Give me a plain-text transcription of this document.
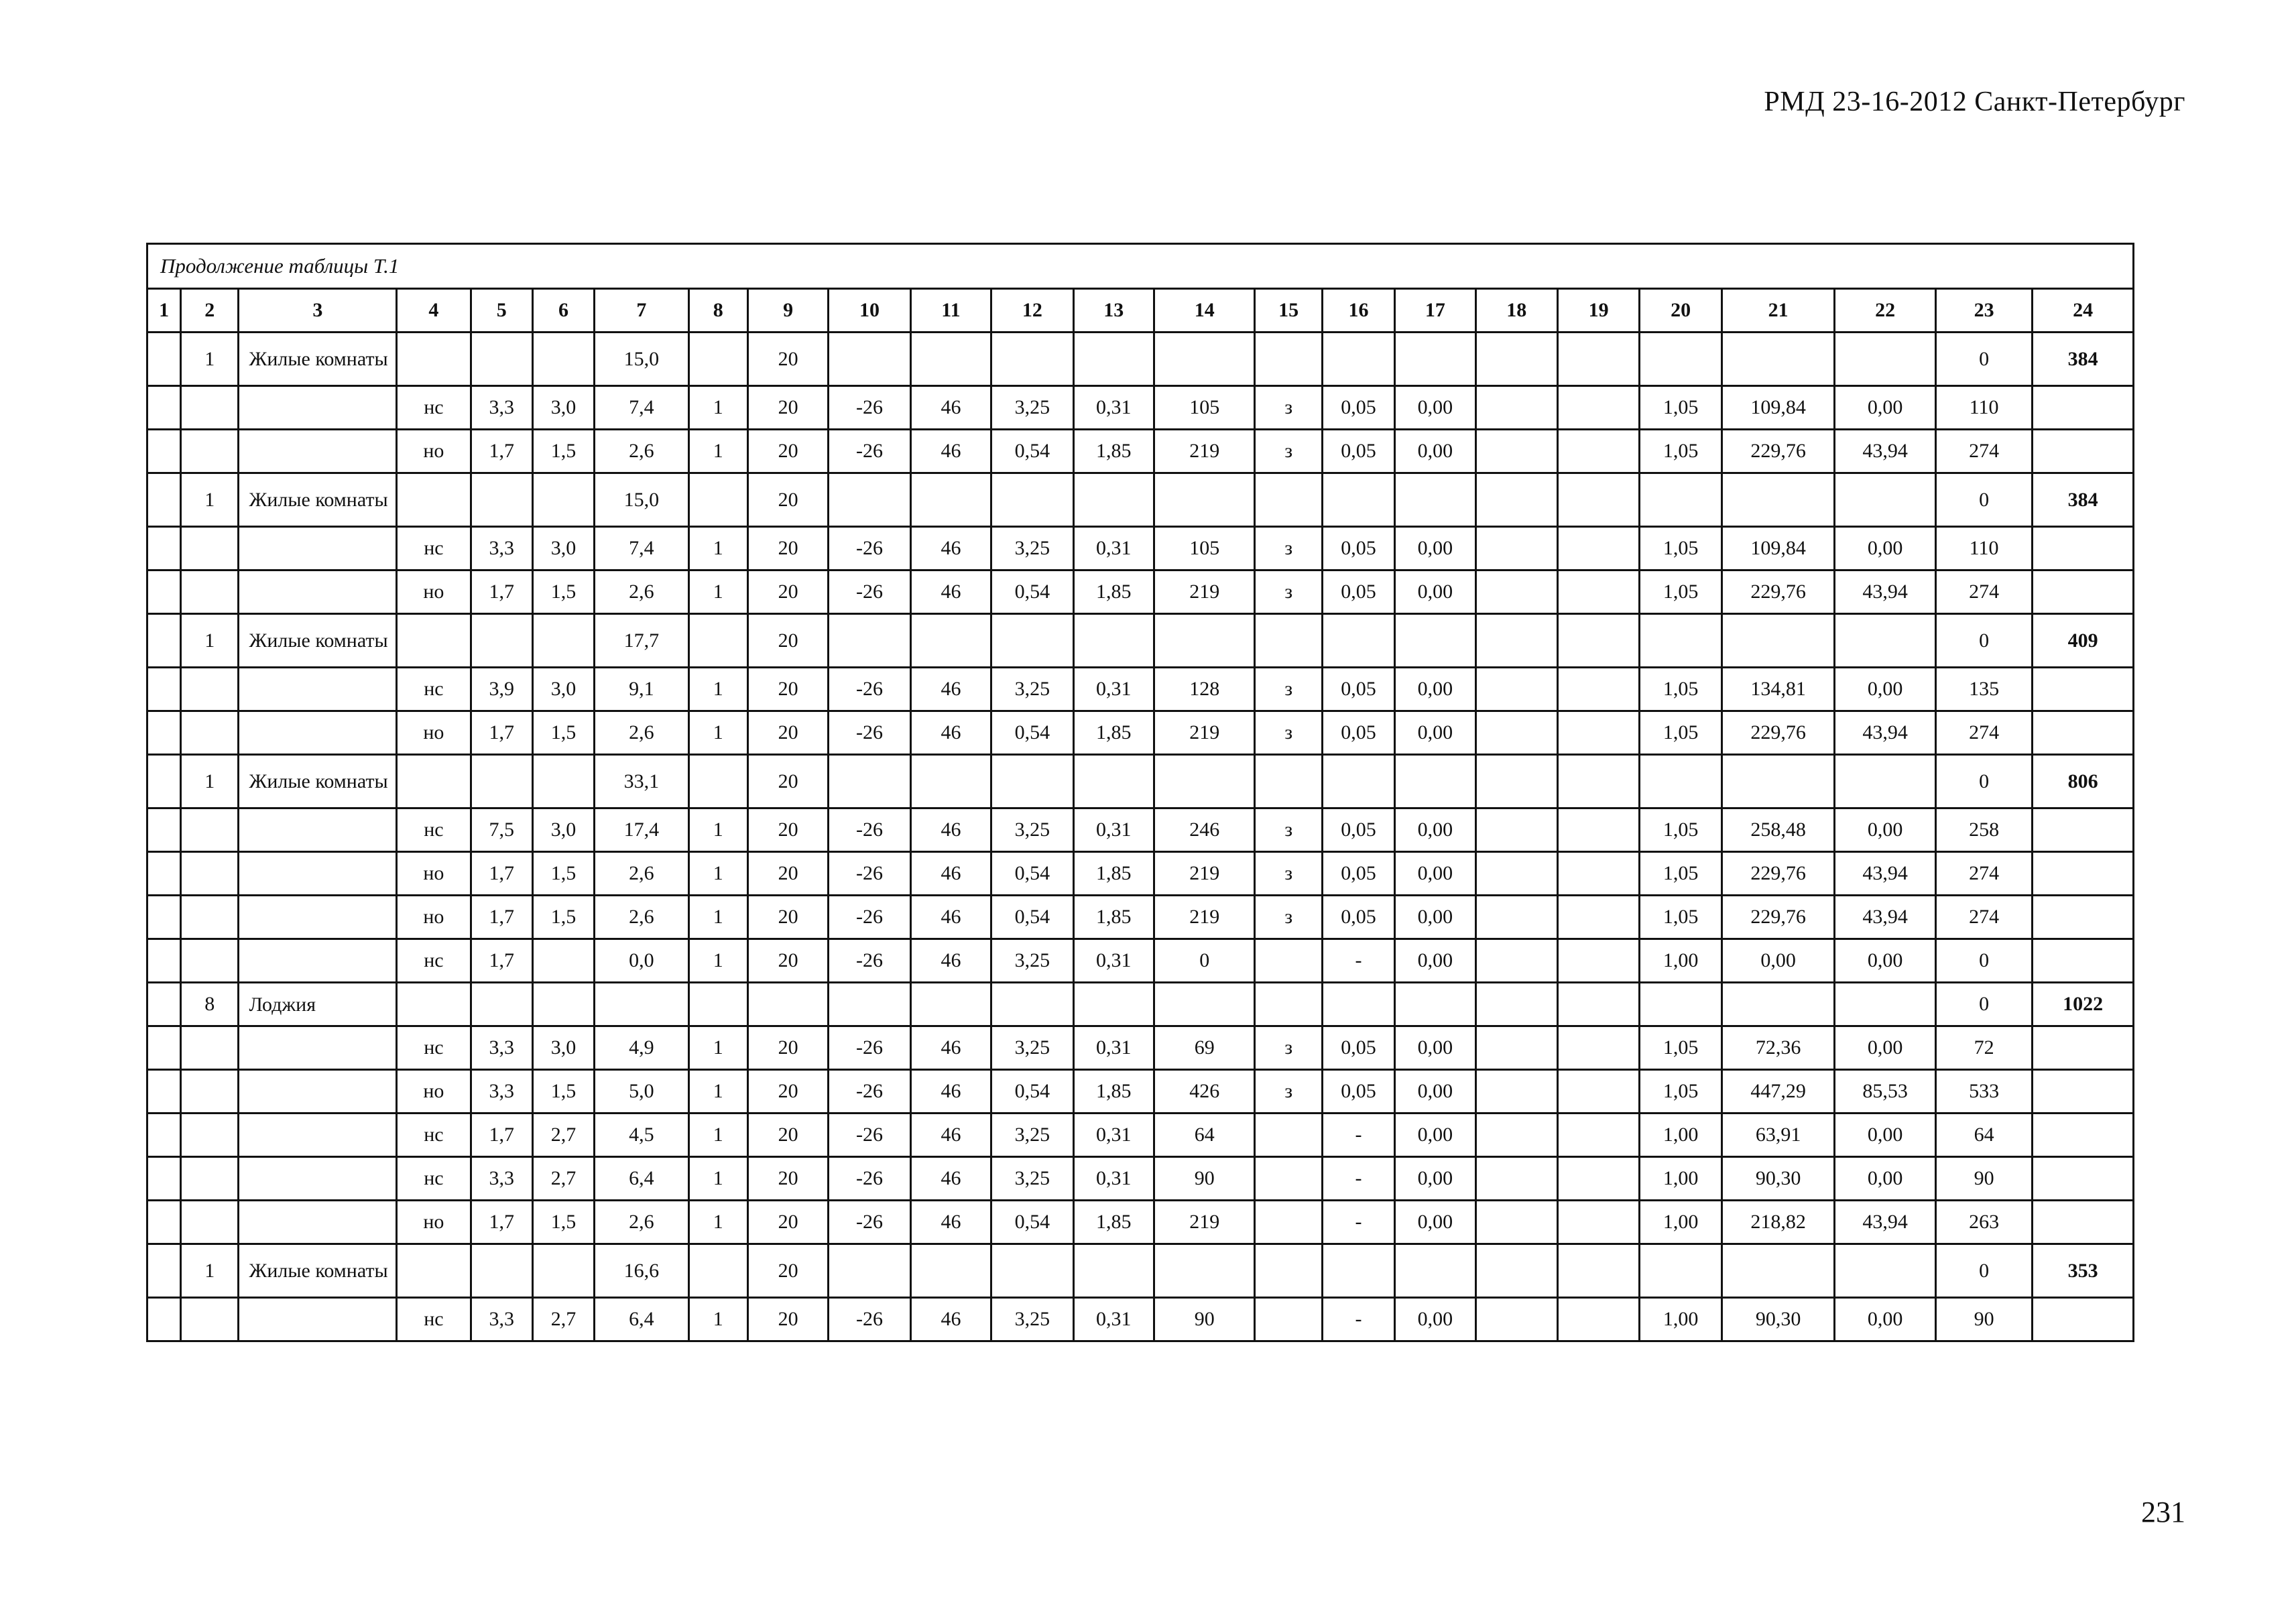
РМД 23-16-2012 Санкт-Петербург
Продолжение таблицы Т.1																							
1	2	3	4	5	6	7	8	9	10	11	12	13	14	15	16	17	18	19	20	21	22	23	24
	1	Жилые комнаты				15,0		20														0	384
			нс	3,3	3,0	7,4	1	20	-26	46	3,25	0,31	105	з	0,05	0,00			1,05	109,84	0,00	110	
			но	1,7	1,5	2,6	1	20	-26	46	0,54	1,85	219	з	0,05	0,00			1,05	229,76	43,94	274	
	1	Жилые комнаты				15,0		20														0	384
			нс	3,3	3,0	7,4	1	20	-26	46	3,25	0,31	105	з	0,05	0,00			1,05	109,84	0,00	110	
			но	1,7	1,5	2,6	1	20	-26	46	0,54	1,85	219	з	0,05	0,00			1,05	229,76	43,94	274	
	1	Жилые комнаты				17,7		20														0	409
			нс	3,9	3,0	9,1	1	20	-26	46	3,25	0,31	128	з	0,05	0,00			1,05	134,81	0,00	135	
			но	1,7	1,5	2,6	1	20	-26	46	0,54	1,85	219	з	0,05	0,00			1,05	229,76	43,94	274	
	1	Жилые комнаты				33,1		20														0	806
			нс	7,5	3,0	17,4	1	20	-26	46	3,25	0,31	246	з	0,05	0,00			1,05	258,48	0,00	258	
			но	1,7	1,5	2,6	1	20	-26	46	0,54	1,85	219	з	0,05	0,00			1,05	229,76	43,94	274	
			но	1,7	1,5	2,6	1	20	-26	46	0,54	1,85	219	з	0,05	0,00			1,05	229,76	43,94	274	
			нс	1,7		0,0	1	20	-26	46	3,25	0,31	0		-	0,00			1,00	0,00	0,00	0	
	8	Лоджия																				0	1022
			нс	3,3	3,0	4,9	1	20	-26	46	3,25	0,31	69	з	0,05	0,00			1,05	72,36	0,00	72	
			но	3,3	1,5	5,0	1	20	-26	46	0,54	1,85	426	з	0,05	0,00			1,05	447,29	85,53	533	
			нс	1,7	2,7	4,5	1	20	-26	46	3,25	0,31	64		-	0,00			1,00	63,91	0,00	64	
			нс	3,3	2,7	6,4	1	20	-26	46	3,25	0,31	90		-	0,00			1,00	90,30	0,00	90	
			но	1,7	1,5	2,6	1	20	-26	46	0,54	1,85	219		-	0,00			1,00	218,82	43,94	263	
	1	Жилые комнаты				16,6		20														0	353
			нс	3,3	2,7	6,4	1	20	-26	46	3,25	0,31	90		-	0,00			1,00	90,30	0,00	90	
231
